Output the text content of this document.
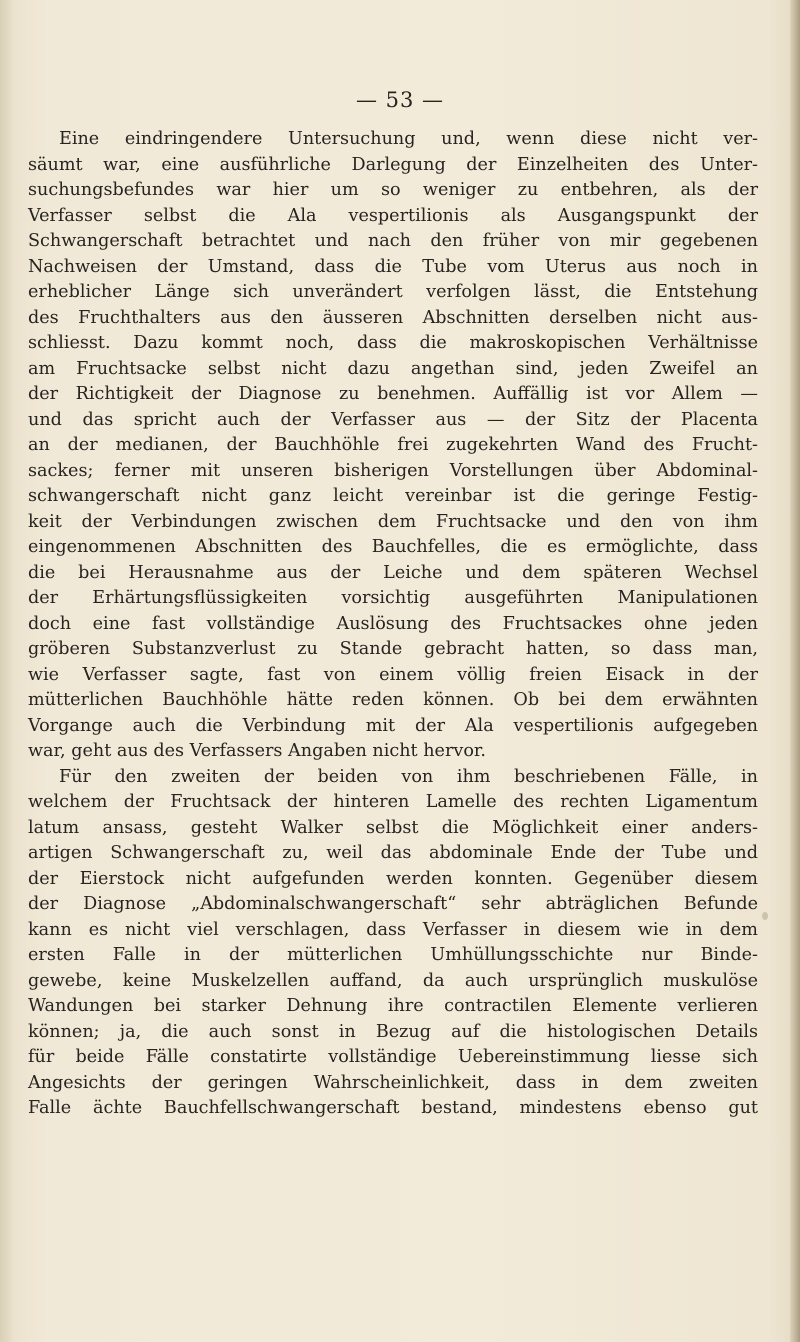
— 53 —
Eine eindringendere Untersuchung und, wenn diese nicht ver-
säumt war, eine ausführliche Darlegung der Einzelheiten des Unter-
suchungsbefundes war hier um so weniger zu entbehren, als der
Verfasser selbst die Ala vespertilionis als Ausgangspunkt der
Schwangerschaft betrachtet und nach den früher von mir gegebenen
Nachweisen der Umstand, dass die Tube vom Uterus aus noch in
erheblicher Länge sich unverändert verfolgen lässt, die Entstehung
des Fruchthalters aus den äusseren Abschnitten derselben nicht aus-
schliesst. Dazu kommt noch, dass die makroskopischen Verhältnisse
am Fruchtsacke selbst nicht dazu angethan sind, jeden Zweifel an
der Richtigkeit der Diagnose zu benehmen. Auffällig ist vor Allem —
und das spricht auch der Verfasser aus — der Sitz der Placenta
an der medianen, der Bauchhöhle frei zugekehrten Wand des Frucht-
sackes; ferner mit unseren bisherigen Vorstellungen über Abdominal-
schwangerschaft nicht ganz leicht vereinbar ist die geringe Festig-
keit der Verbindungen zwischen dem Fruchtsacke und den von ihm
eingenommenen Abschnitten des Bauchfelles, die es ermöglichte, dass
die bei Herausnahme aus der Leiche und dem späteren Wechsel
der Erhärtungsflüssigkeiten vorsichtig ausgeführten Manipulationen
doch eine fast vollständige Auslösung des Fruchtsackes ohne jeden
gröberen Substanzverlust zu Stande gebracht hatten, so dass man,
wie Verfasser sagte, fast von einem völlig freien Eisack in der
mütterlichen Bauchhöhle hätte reden können. Ob bei dem erwähnten
Vorgange auch die Verbindung mit der Ala vespertilionis aufgegeben
war, geht aus des Verfassers Angaben nicht hervor.
Für den zweiten der beiden von ihm beschriebenen Fälle, in
welchem der Fruchtsack der hinteren Lamelle des rechten Ligamentum
latum ansass, gesteht Walker selbst die Möglichkeit einer anders-
artigen Schwangerschaft zu, weil das abdominale Ende der Tube und
der Eierstock nicht aufgefunden werden konnten. Gegenüber diesem
der Diagnose „Abdominalschwangerschaft“ sehr abträglichen Befunde
kann es nicht viel verschlagen, dass Verfasser in diesem wie in dem
ersten Falle in der mütterlichen Umhüllungsschichte nur Binde-
gewebe, keine Muskelzellen auffand, da auch ursprünglich muskulöse
Wandungen bei starker Dehnung ihre contractilen Elemente verlieren
können; ja, die auch sonst in Bezug auf die histologischen Details
für beide Fälle constatirte vollständige Uebereinstimmung liesse sich
Angesichts der geringen Wahrscheinlichkeit, dass in dem zweiten
Falle ächte Bauchfellschwangerschaft bestand, mindestens ebenso gut
